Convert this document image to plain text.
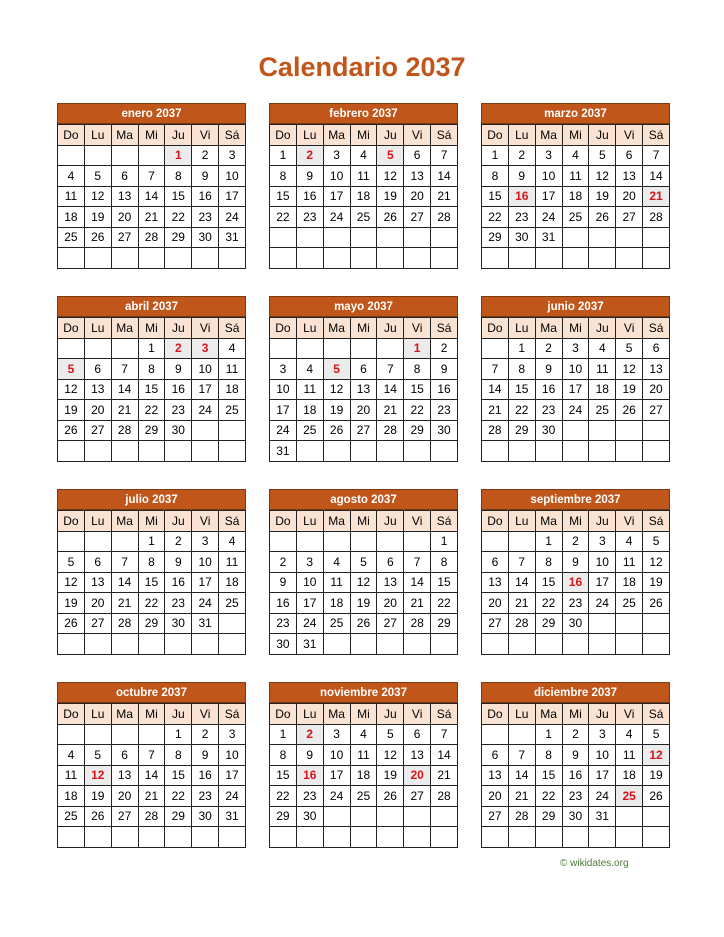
Calendario 2037
enero 2037
Do	Lu	Ma	Mi	Ju	Vi	Sá
				1	2	3
4	5	6	7	8	9	10
11	12	13	14	15	16	17
18	19	20	21	22	23	24
25	26	27	28	29	30	31

febrero 2037
Do	Lu	Ma	Mi	Ju	Vi	Sá
1	2	3	4	5	6	7
8	9	10	11	12	13	14
15	16	17	18	19	20	21
22	23	24	25	26	27	28

marzo 2037
Do	Lu	Ma	Mi	Ju	Vi	Sá
1	2	3	4	5	6	7
8	9	10	11	12	13	14
15	16	17	18	19	20	21
22	23	24	25	26	27	28
29	30	31				

abril 2037
Do	Lu	Ma	Mi	Ju	Vi	Sá
			1	2	3	4
5	6	7	8	9	10	11
12	13	14	15	16	17	18
19	20	21	22	23	24	25
26	27	28	29	30		

mayo 2037
Do	Lu	Ma	Mi	Ju	Vi	Sá
					1	2
3	4	5	6	7	8	9
10	11	12	13	14	15	16
17	18	19	20	21	22	23
24	25	26	27	28	29	30
31						
junio 2037
Do	Lu	Ma	Mi	Ju	Vi	Sá
	1	2	3	4	5	6
7	8	9	10	11	12	13
14	15	16	17	18	19	20
21	22	23	24	25	26	27
28	29	30				

julio 2037
Do	Lu	Ma	Mi	Ju	Vi	Sá
			1	2	3	4
5	6	7	8	9	10	11
12	13	14	15	16	17	18
19	20	21	22	23	24	25
26	27	28	29	30	31	

agosto 2037
Do	Lu	Ma	Mi	Ju	Vi	Sá
						1
2	3	4	5	6	7	8
9	10	11	12	13	14	15
16	17	18	19	20	21	22
23	24	25	26	27	28	29
30	31					
septiembre 2037
Do	Lu	Ma	Mi	Ju	Vi	Sá
		1	2	3	4	5
6	7	8	9	10	11	12
13	14	15	16	17	18	19
20	21	22	23	24	25	26
27	28	29	30			

octubre 2037
Do	Lu	Ma	Mi	Ju	Vi	Sá
				1	2	3
4	5	6	7	8	9	10
11	12	13	14	15	16	17
18	19	20	21	22	23	24
25	26	27	28	29	30	31

noviembre 2037
Do	Lu	Ma	Mi	Ju	Vi	Sá
1	2	3	4	5	6	7
8	9	10	11	12	13	14
15	16	17	18	19	20	21
22	23	24	25	26	27	28
29	30					

diciembre 2037
Do	Lu	Ma	Mi	Ju	Vi	Sá
		1	2	3	4	5
6	7	8	9	10	11	12
13	14	15	16	17	18	19
20	21	22	23	24	25	26
27	28	29	30	31		

© wikidates.org
